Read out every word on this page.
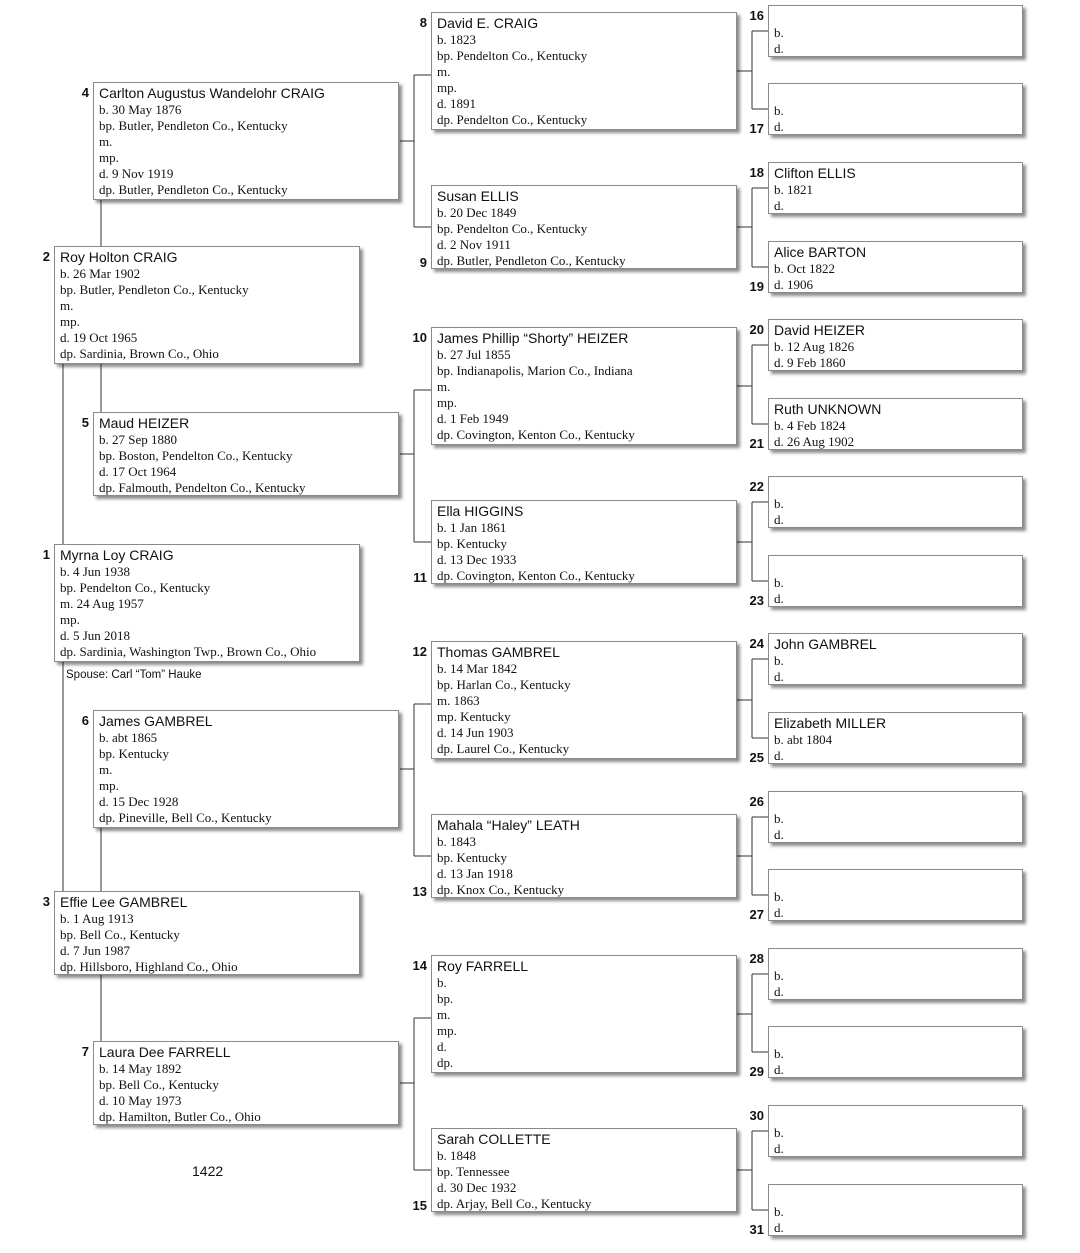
1 Myrna Loy CRAIG
b. 4 Jun 1938
bp. Pendelton Co., Kentucky
m. 24 Aug 1957
mp.
d. 5 Jun 2018
dp. Sardinia, Washington Twp., Brown Co., Ohio
2 Roy Holton CRAIG
b. 26 Mar 1902
bp. Butler, Pendleton Co., Kentucky
m.
mp.
d. 19 Oct 1965
dp. Sardinia, Brown Co., Ohio
3 Effie Lee GAMBREL
b. 1 Aug 1913
bp. Bell Co., Kentucky
d. 7 Jun 1987
dp. Hillsboro, Highland Co., Ohio
4 Carlton Augustus Wandelohr CRAIG
b. 30 May 1876
bp. Butler, Pendleton Co., Kentucky
m.
mp.
d. 9 Nov 1919
dp. Butler, Pendleton Co., Kentucky
5 Maud HEIZER
b. 27 Sep 1880
bp. Boston, Pendelton Co., Kentucky
d. 17 Oct 1964
dp. Falmouth, Pendelton Co., Kentucky
6 James GAMBREL
b. abt 1865
bp. Kentucky
m.
mp.
d. 15 Dec 1928
dp. Pineville, Bell Co., Kentucky
7 Laura Dee FARRELL
b. 14 May 1892
bp. Bell Co., Kentucky
d. 10 May 1973
dp. Hamilton, Butler Co., Ohio
8 David E. CRAIG
b. 1823
bp. Pendelton Co., Kentucky
m.
mp.
d. 1891
dp. Pendelton Co., Kentucky
9
Susan ELLIS
b. 20 Dec 1849
bp. Pendelton Co., Kentucky
d. 2 Nov 1911
dp. Butler, Pendleton Co., Kentucky
10 James Phillip “Shorty” HEIZER
b. 27 Jul 1855
bp. Indianapolis, Marion Co., Indiana
m.
mp.
d. 1 Feb 1949
dp. Covington, Kenton Co., Kentucky
11
Ella HIGGINS
b. 1 Jan 1861
bp. Kentucky
d. 13 Dec 1933
dp. Covington, Kenton Co., Kentucky
12 Thomas GAMBREL
b. 14 Mar 1842
bp. Harlan Co., Kentucky
m. 1863
mp. Kentucky
d. 14 Jun 1903
dp. Laurel Co., Kentucky
13
Mahala “Haley” LEATH
b. 1843
bp. Kentucky
d. 13 Jan 1918
dp. Knox Co., Kentucky
14 Roy FARRELL
b.
bp.
m.
mp.
d.
dp.
15
Sarah COLLETTE
b. 1848
bp. Tennessee
d. 30 Dec 1932
dp. Arjay, Bell Co., Kentucky
16
b.
d.
17
b.
d.
18 Clifton ELLIS
b. 1821
d.
19
Alice BARTON
b. Oct 1822
d. 1906
20 David HEIZER
b. 12 Aug 1826
d. 9 Feb 1860
21
Ruth UNKNOWN
b. 4 Feb 1824
d. 26 Aug 1902
22
b.
d.
23
b.
d.
24 John GAMBREL
b.
d.
25
Elizabeth MILLER
b. abt 1804
d.
26
b.
d.
27
b.
d.
28
b.
d.
29
b.
d.
30
b.
d.
31
b.
d.
Spouse: Carl “Tom” Hauke
1422
